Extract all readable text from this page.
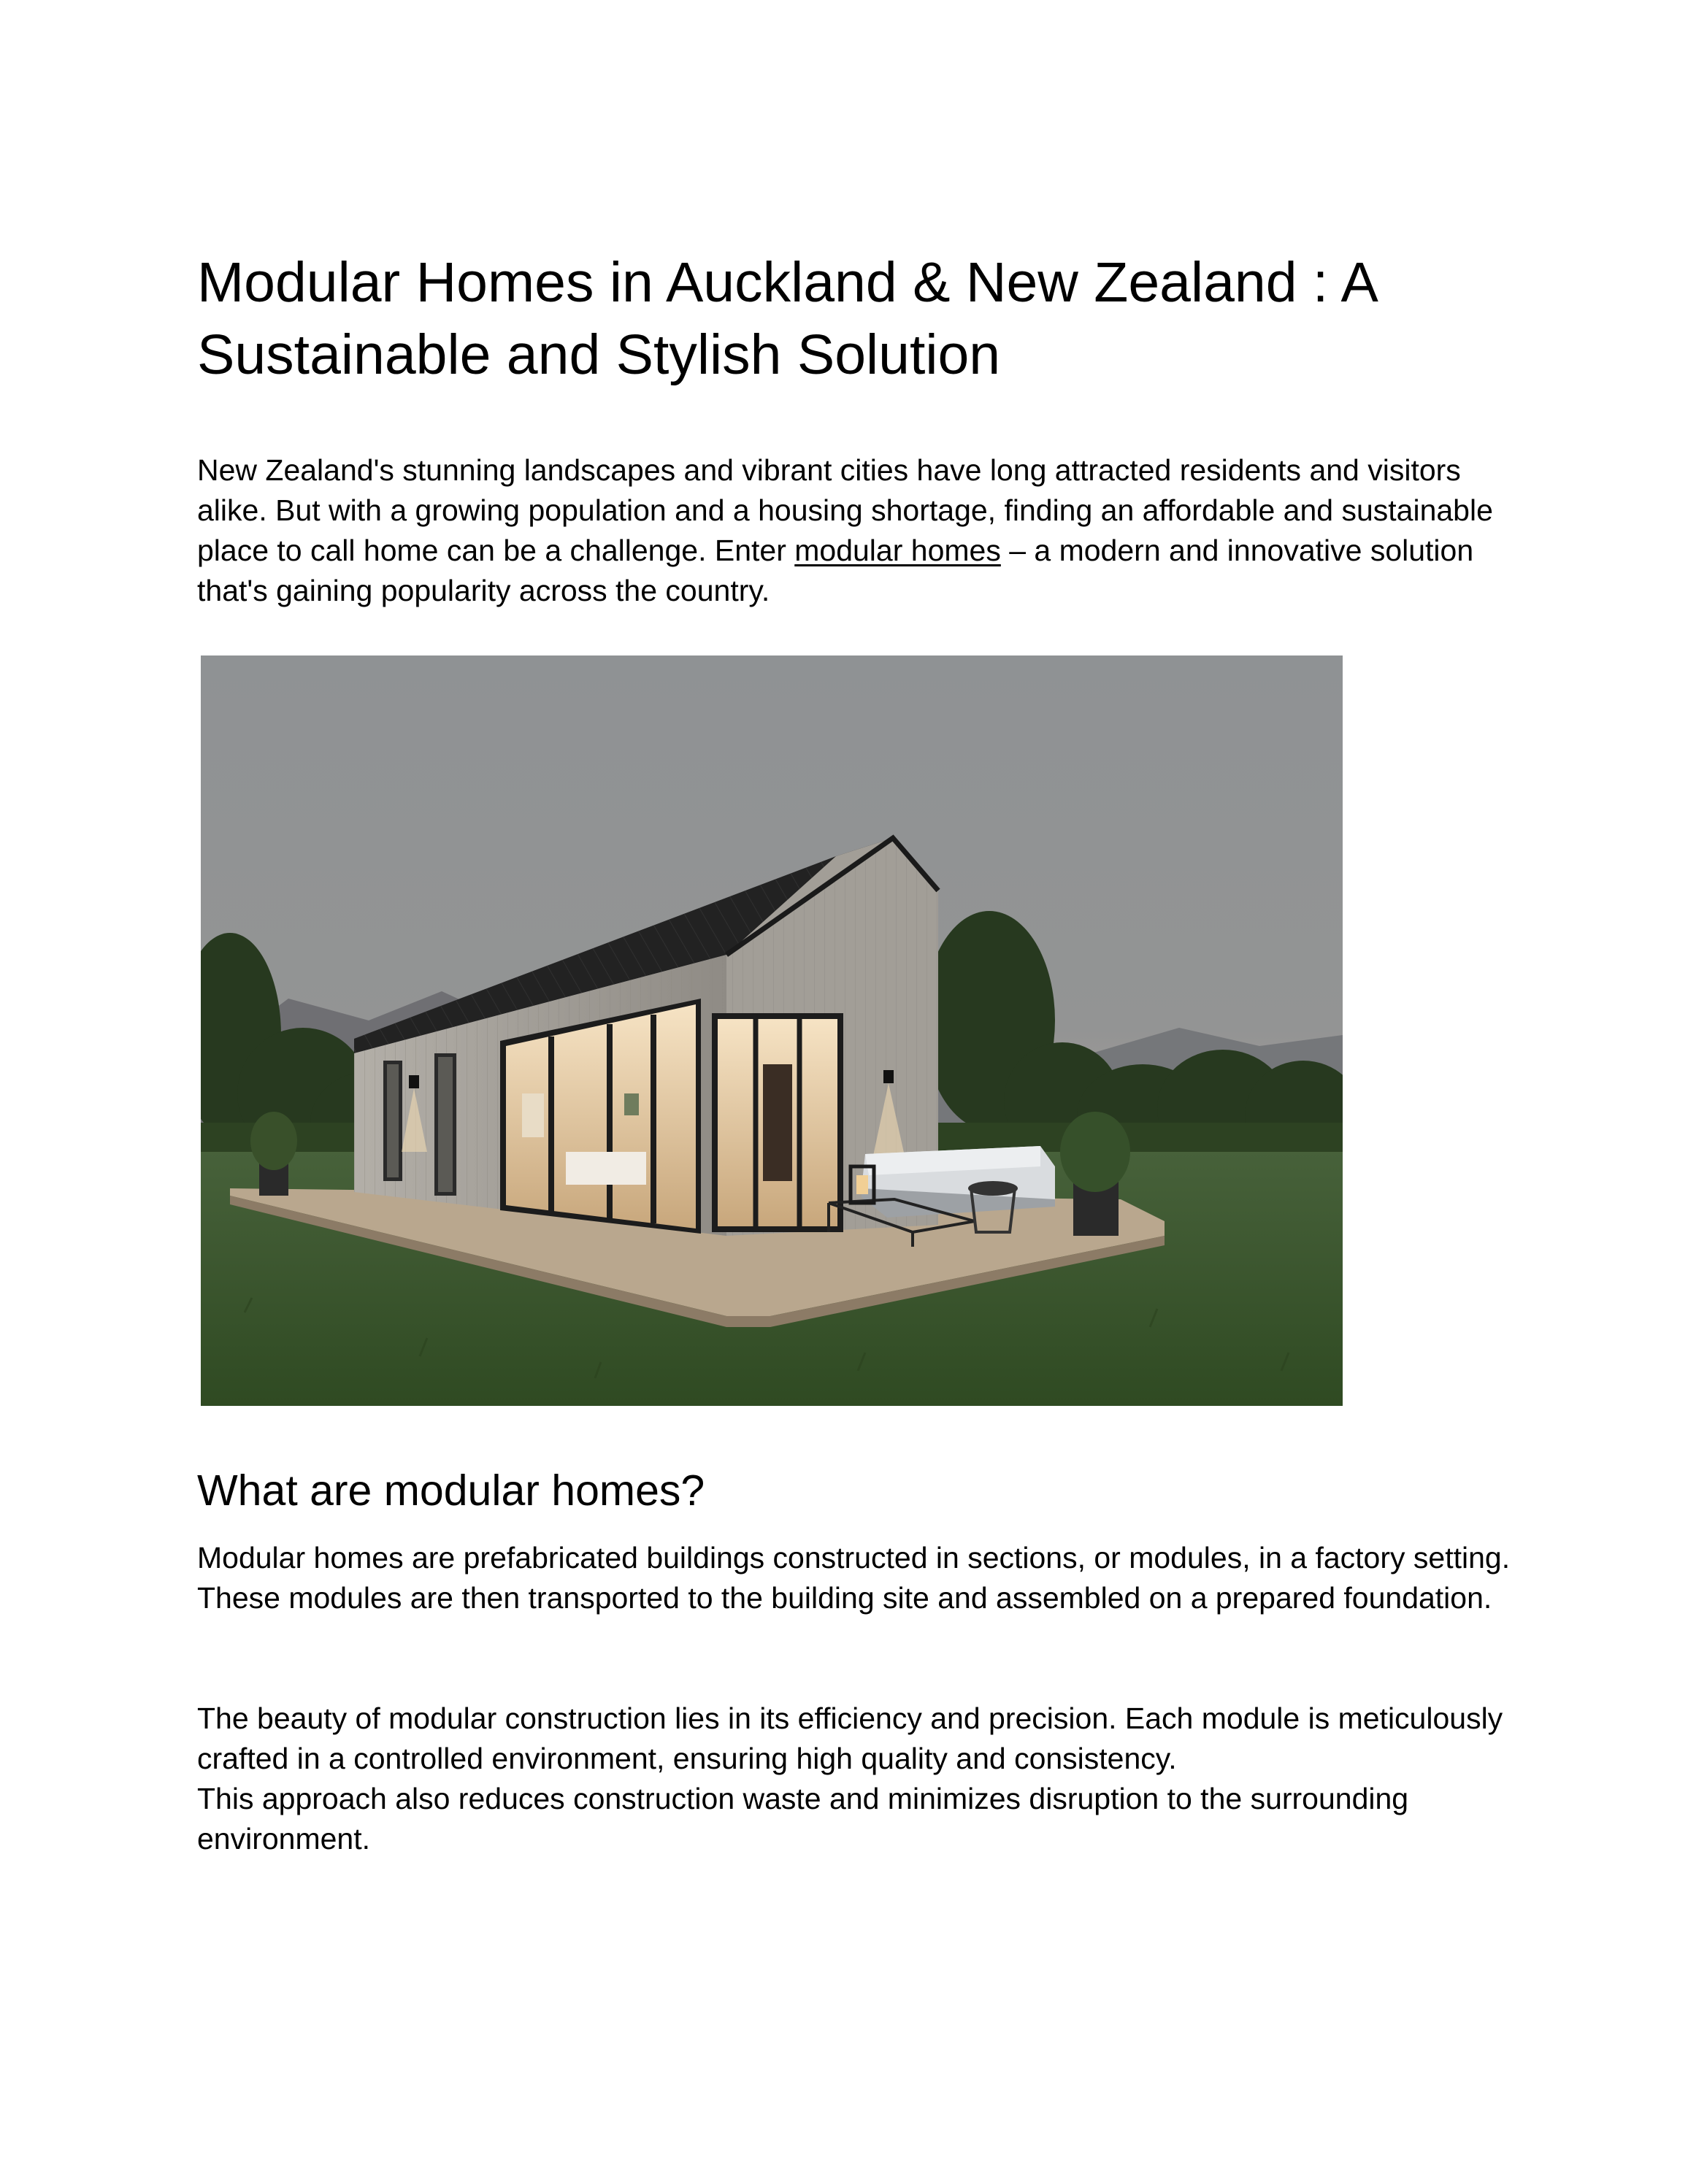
Modular Homes in Auckland & New Zealand : A Sustainable and Stylish Solution

New Zealand's stunning landscapes and vibrant cities have long attracted residents and visitors alike. But with a growing population and a housing shortage, finding an affordable and sustainable place to call home can be a challenge. Enter modular homes – a modern and innovative solution that's gaining popularity across the country.

What are modular homes?

Modular homes are prefabricated buildings constructed in sections, or modules, in a factory setting. These modules are then transported to the building site and assembled on a prepared foundation.

The beauty of modular construction lies in its efficiency and precision. Each module is meticulously crafted in a controlled environment, ensuring high quality and consistency.
This approach also reduces construction waste and minimizes disruption to the surrounding environment.
